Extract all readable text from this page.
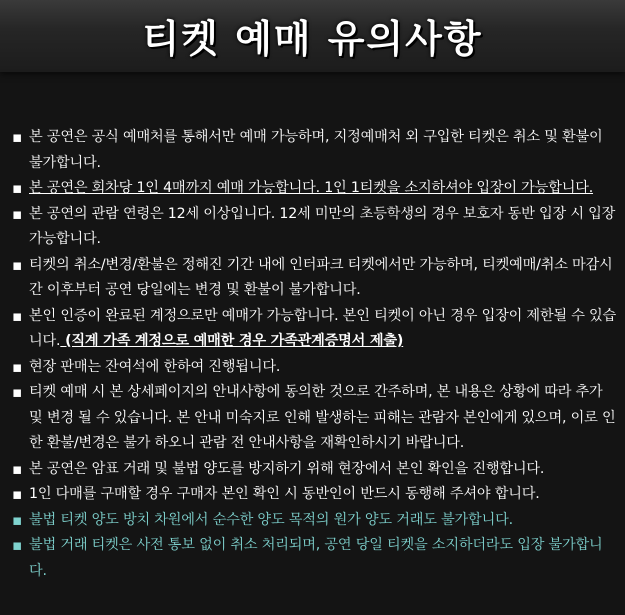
티켓 예매 유의사항
▪ 본 공연은 공식 예매처를 통해서만 예매 가능하며, 지정예매처 외 구입한 티켓은 취소 및 환불이 불가합니다.
▪ 본 공연은 회차당 1인 4매까지 예매 가능합니다. 1인 1티켓을 소지하셔야 입장이 가능합니다.
▪ 본 공연의 관람 연령은 12세 이상입니다. 12세 미만의 초등학생의 경우 보호자 동반 입장 시 입장 가능합니다.
▪ 티켓의 취소/변경/환불은 정해진 기간 내에 인터파크 티켓에서만 가능하며, 티켓예매/취소 마감시간 이후부터 공연 당일에는 변경 및 환불이 불가합니다.
▪ 본인 인증이 완료된 계정으로만 예매가 가능합니다. 본인 티켓이 아닌 경우 입장이 제한될 수 있습니다. (직계 가족 계정으로 예매한 경우 가족관계증명서 제출)
▪ 현장 판매는 잔여석에 한하여 진행됩니다.
▪ 티켓 예매 시 본 상세페이지의 안내사항에 동의한 것으로 간주하며, 본 내용은 상황에 따라 추가 및 변경 될 수 있습니다. 본 안내 미숙지로 인해 발생하는 피해는 관람자 본인에게 있으며, 이로 인한 환불/변경은 불가 하오니 관람 전 안내사항을 재확인하시기 바랍니다.
▪ 본 공연은 암표 거래 및 불법 양도를 방지하기 위해 현장에서 본인 확인을 진행합니다.
▪ 1인 다매를 구매할 경우 구매자 본인 확인 시 동반인이 반드시 동행해 주셔야 합니다.
▪ 불법 티켓 양도 방치 차원에서 순수한 양도 목적의 원가 양도 거래도 불가합니다.
▪ 불법 거래 티켓은 사전 통보 없이 취소 처리되며, 공연 당일 티켓을 소지하더라도 입장 불가합니다.
